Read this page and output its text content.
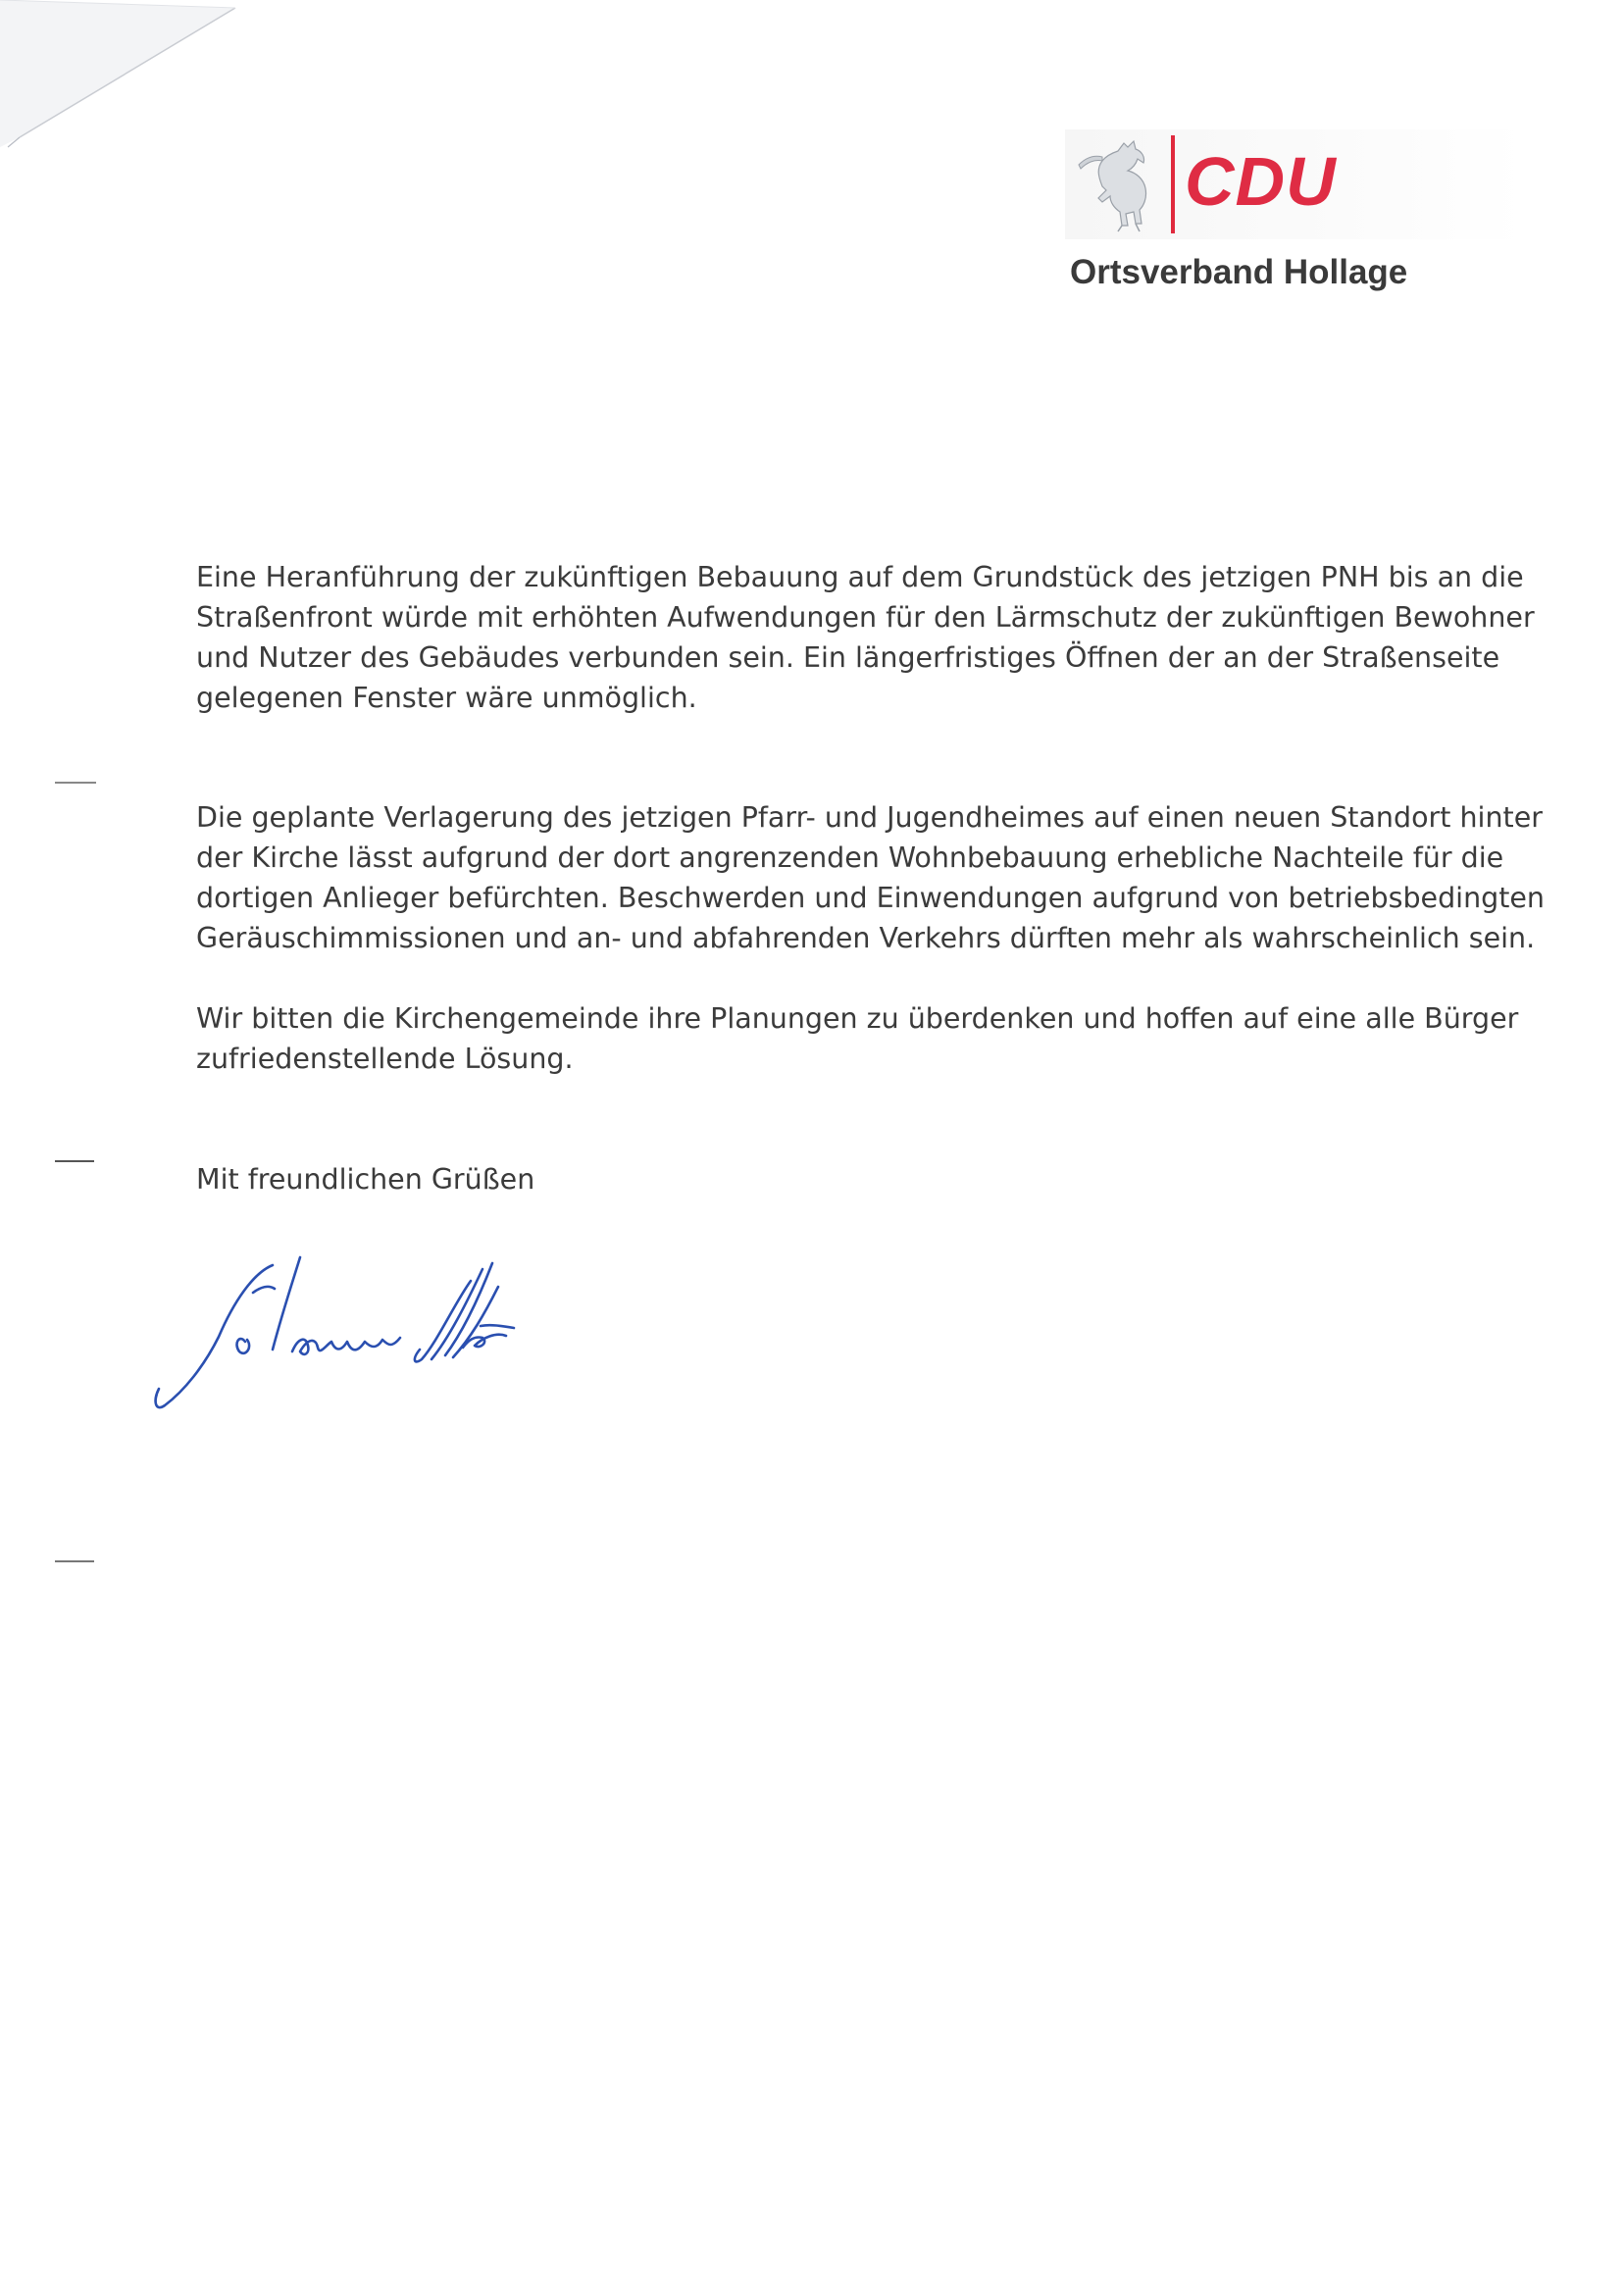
CDU
Ortsverband Hollage

Eine Heranführung der zukünftigen Bebauung auf dem Grundstück des jetzigen PNH bis an die
Straßenfront würde mit erhöhten Aufwendungen für den Lärmschutz der zukünftigen Bewohner
und Nutzer des Gebäudes verbunden sein. Ein längerfristiges Öffnen der an der Straßenseite
gelegenen Fenster wäre unmöglich.

Die geplante Verlagerung des jetzigen Pfarr- und Jugendheimes auf einen neuen Standort hinter
der Kirche lässt aufgrund der dort angrenzenden Wohnbebauung erhebliche Nachteile für die
dortigen Anlieger befürchten. Beschwerden und Einwendungen aufgrund von betriebsbedingten
Geräuschimmissionen und an- und abfahrenden Verkehrs dürften mehr als wahrscheinlich sein.

Wir bitten die Kirchengemeinde ihre Planungen zu überdenken und hoffen auf eine alle Bürger
zufriedenstellende Lösung.

Mit freundlichen Grüßen
